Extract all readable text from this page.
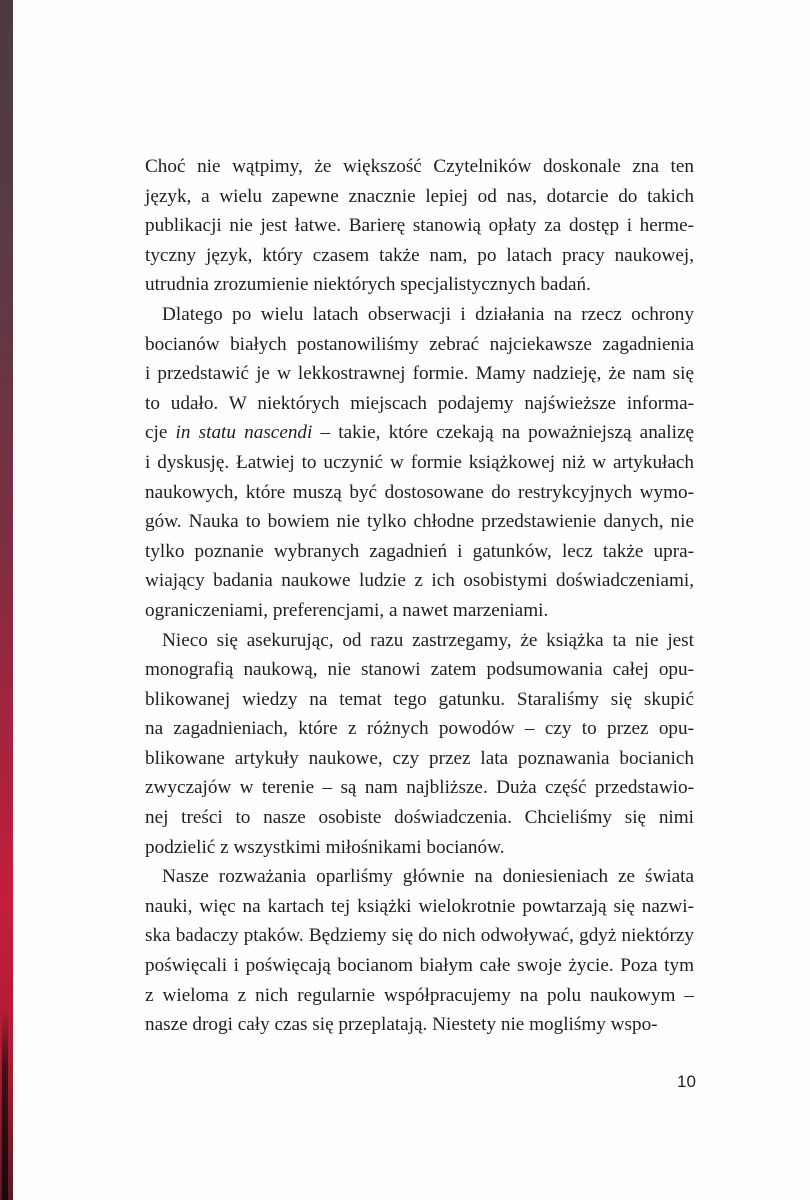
Choć nie wątpimy, że większość Czytelników doskonale zna ten
język, a wielu zapewne znacznie lepiej od nas, dotarcie do takich
publikacji nie jest łatwe. Barierę stanowią opłaty za dostęp i herme-
tyczny język, który czasem także nam, po latach pracy naukowej,
utrudnia zrozumienie niektórych specjalistycznych badań.
Dlatego po wielu latach obserwacji i działania na rzecz ochrony
bocianów białych postanowiliśmy zebrać najciekawsze zagadnienia
i przedstawić je w lekkostrawnej formie. Mamy nadzieję, że nam się
to udało. W niektórych miejscach podajemy najświeższe informa-
cje in statu nascendi – takie, które czekają na poważniejszą analizę
i dyskusję. Łatwiej to uczynić w formie książkowej niż w artykułach
naukowych, które muszą być dostosowane do restrykcyjnych wymo-
gów. Nauka to bowiem nie tylko chłodne przedstawienie danych, nie
tylko poznanie wybranych zagadnień i gatunków, lecz także upra-
wiający badania naukowe ludzie z ich osobistymi doświadczeniami,
ograniczeniami, preferencjami, a nawet marzeniami.
Nieco się asekurując, od razu zastrzegamy, że książka ta nie jest
monografią naukową, nie stanowi zatem podsumowania całej opu-
blikowanej wiedzy na temat tego gatunku. Staraliśmy się skupić
na zagadnieniach, które z różnych powodów – czy to przez opu-
blikowane artykuły naukowe, czy przez lata poznawania bocianich
zwyczajów w terenie – są nam najbliższe. Duża część przedstawio-
nej treści to nasze osobiste doświadczenia. Chcieliśmy się nimi
podzielić z wszystkimi miłośnikami bocianów.
Nasze rozważania oparliśmy głównie na doniesieniach ze świata
nauki, więc na kartach tej książki wielokrotnie powtarzają się nazwi-
ska badaczy ptaków. Będziemy się do nich odwoływać, gdyż niektórzy
poświęcali i poświęcają bocianom białym całe swoje życie. Poza tym
z wieloma z nich regularnie współpracujemy na polu naukowym –
nasze drogi cały czas się przeplatają. Niestety nie mogliśmy wspo-
10
